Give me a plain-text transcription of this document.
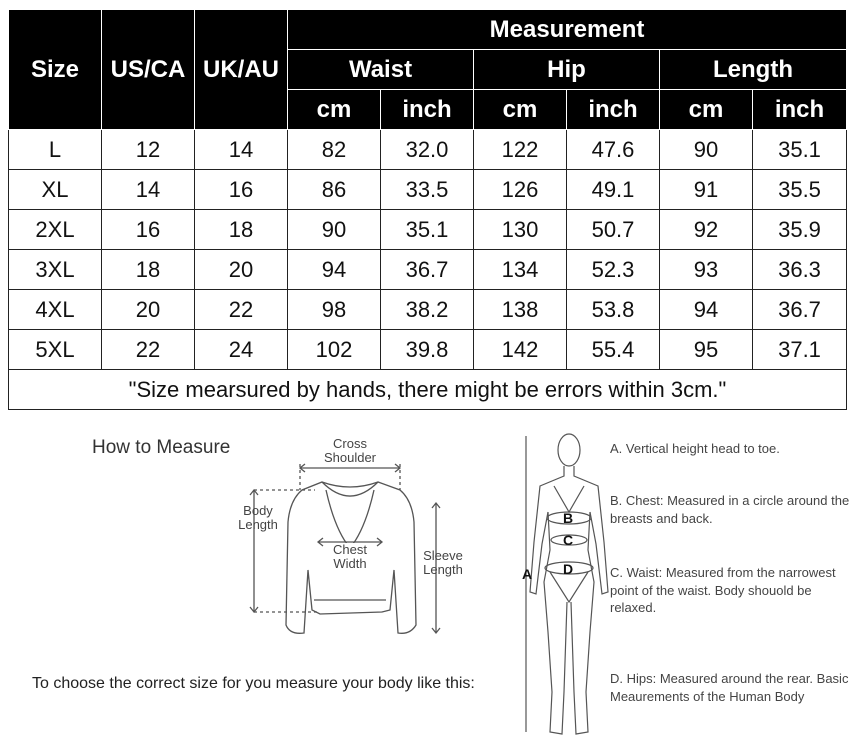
Size	US/CA	UK/AU	Measurement					
			Waist		Hip		Length	
			cm	inch	cm	inch	cm	inch
L	12	14	82	32.0	122	47.6	90	35.1
XL	14	16	86	33.5	126	49.1	91	35.5
2XL	16	18	90	35.1	130	50.7	92	35.9
3XL	18	20	94	36.7	134	52.3	93	36.3
4XL	20	22	98	38.2	138	53.8	94	36.7
5XL	22	24	102	39.8	142	55.4	95	37.1
"Size mearsured by hands, there might be errors within 3cm."								
How to Measure	Cross Shoulder
Body Length
Chest Width
Sleeve Length
To choose the correct size for you measure your body like this:
A
B
C
D
A. Vertical height head to toe.
B. Chest: Measured in a circle around the breasts and back.
C. Waist: Measured from the narrowest point of the waist. Body shouold be relaxed.
D. Hips: Measured around the rear. Basic Meaurements of the Human Body
